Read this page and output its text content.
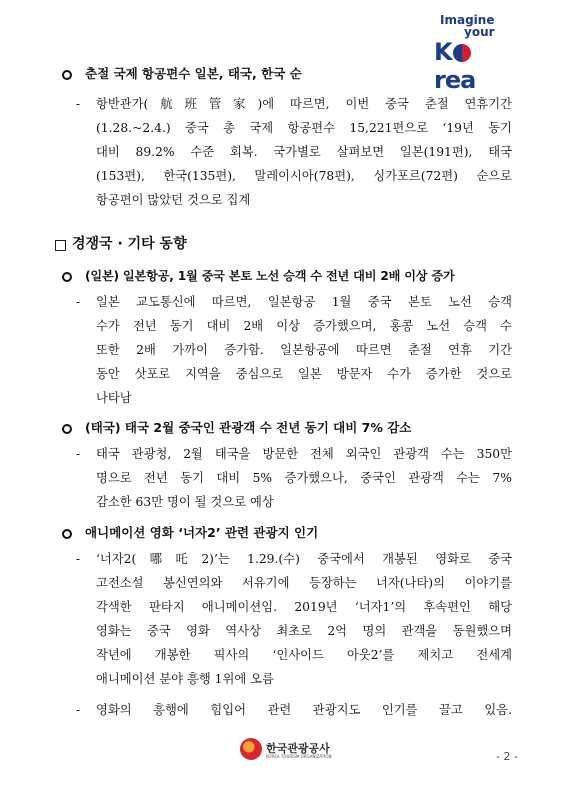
Imagine
your
Krea
춘절 국제 항공편수 일본, 태국, 한국 순
- 항반관가(航班管家)에 따르면, 이번 중국 춘절 연휴기간
(1.28.~2.4.) 중국 총 국제 항공편수 15,221편으로 ‘19년 동기
대비 89.2% 수준 회복. 국가별로 살펴보면 일본(191편), 태국
(153편), 한국(135편), 말레이시아(78편), 싱가포르(72편) 순으로
항공편이 많았던 것으로 집계
경쟁국 · 기타 동향
(일본) 일본항공, 1월 중국 본토 노선 승객 수 전년 대비 2배 이상 증가
- 일본 교도통신에 따르면, 일본항공 1월 중국 본토 노선 승객
수가 전년 동기 대비 2배 이상 증가했으며, 홍콩 노선 승객 수
또한 2배 가까이 증가함. 일본항공에 따르면 춘절 연휴 기간
동안 삿포로 지역을 중심으로 일본 방문자 수가 증가한 것으로
나타남
(태국) 태국 2월 중국인 관광객 수 전년 동기 대비 7% 감소
- 태국 관광청, 2월 태국을 방문한 전체 외국인 관광객 수는 350만
명으로 전년 동기 대비 5% 증가했으나, 중국인 관광객 수는 7%
감소한 63만 명이 될 것으로 예상
애니메이션 영화 ‘너자2’ 관련 관광지 인기
- ‘너자2(哪吒2)’는 1.29.(수) 중국에서 개봉된 영화로 중국
고전소설 봉신연의와 서유기에 등장하는 너자(나타)의 이야기를
각색한 판타지 애니메이션임. 2019년 ‘너자1’의 후속편인 해당
영화는 중국 영화 역사상 최초로 2억 명의 관객을 동원했으며
작년에 개봉한 픽사의 ‘인사이드 아웃2’를 제치고 전세계
애니메이션 분야 흥행 1위에 오름
- 영화의 흥행에 힘입어 관련 관광지도 인기를 끌고 있음.
한국관광공사
KOREA TOURISM ORGANIZATION	- 2 -
